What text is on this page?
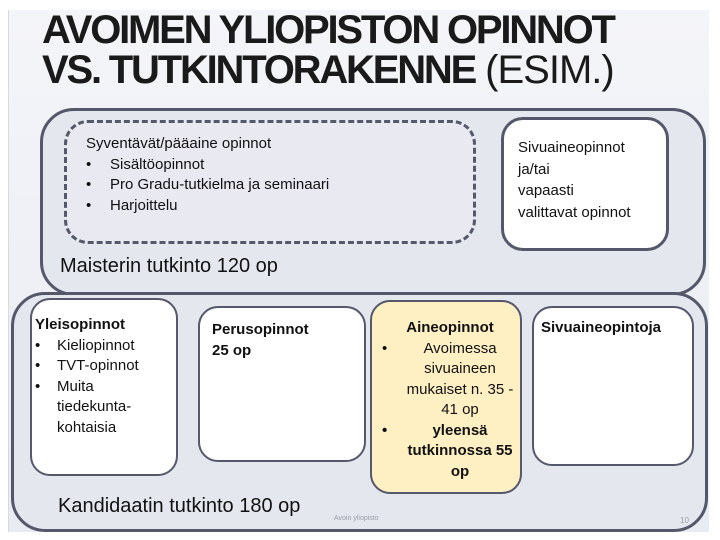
AVOIMEN YLIOPISTON OPINNOT
VS. TUTKINTORAKENNE (ESIM.)
Syventävät/pääaine opinnot
• Sisältöopinnot
• Pro Gradu-tutkielma ja seminaari
• Harjoittelu
Sivuaineopinnot
ja/tai
vapaasti
valittavat opinnot
Maisterin tutkinto 120 op
Yleisopinnot
• Kieliopinnot
• TVT-opinnot
• Muita tiedekunta-kohtaisia
Perusopinnot
25 op
Aineopinnot
• Avoimessa sivuaineen mukaiset n. 35 - 41 op
• yleensä tutkinnossa 55 op
Sivuaineopintoja
Kandidaatin tutkinto 180 op
Avoin yliopisto	10
